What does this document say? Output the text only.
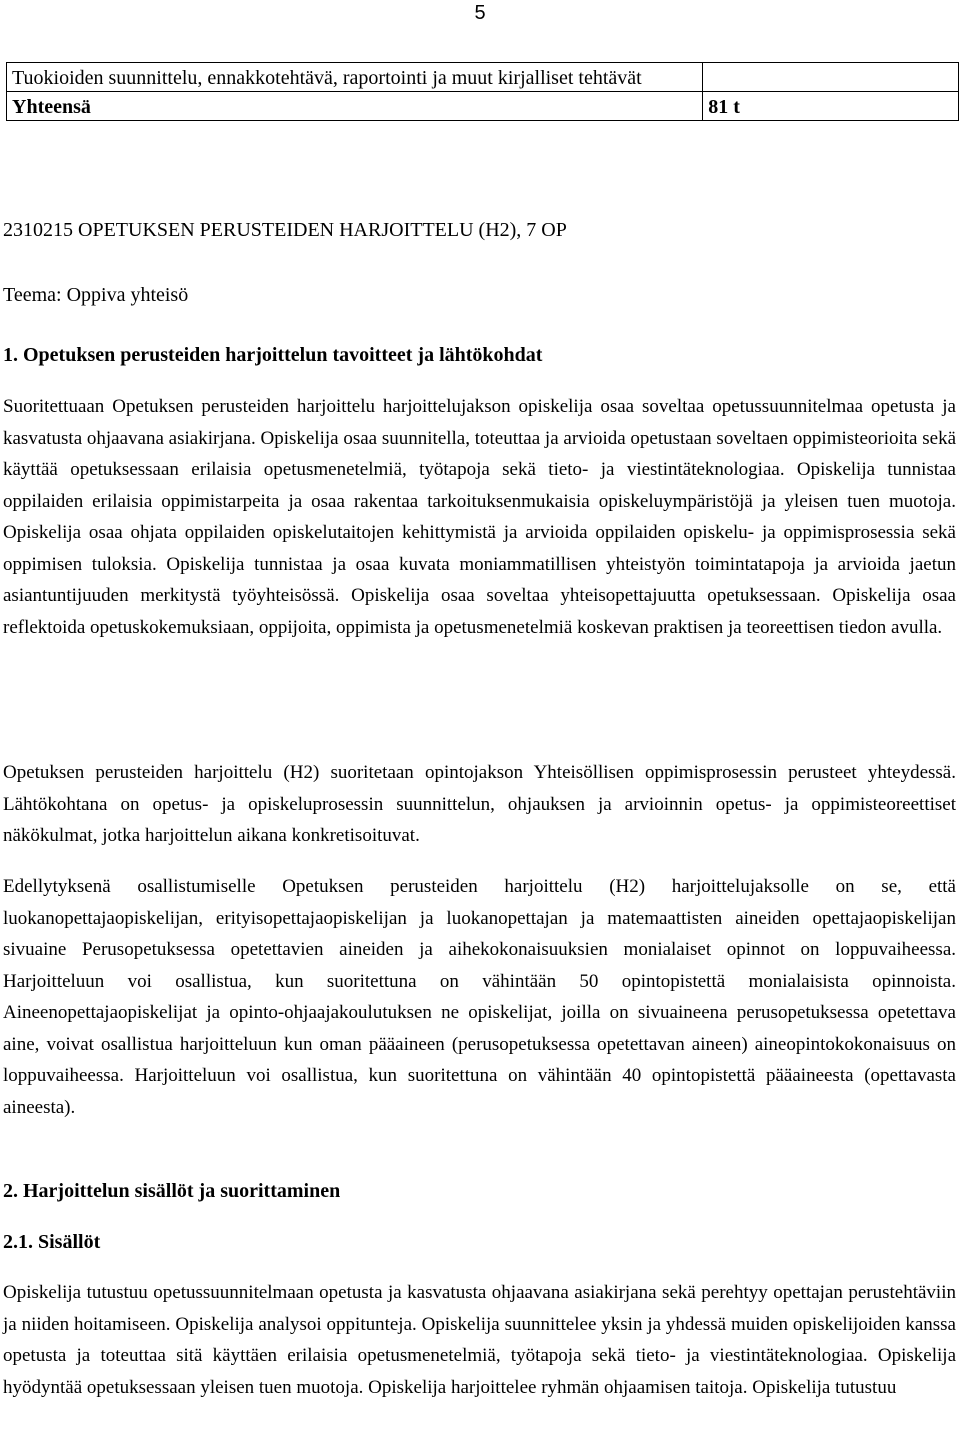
5
Tuokioiden suunnittelu, ennakkotehtävä, raportointi ja muut kirjalliset tehtävät	
Yhteensä	81 t
2310215 OPETUKSEN PERUSTEIDEN HARJOITTELU (H2), 7 OP
Teema: Oppiva yhteisö
1. Opetuksen perusteiden harjoittelun tavoitteet ja lähtökohdat

Suoritettuaan Opetuksen perusteiden harjoittelu harjoittelujakson opiskelija osaa soveltaa opetussuunnitelmaa opetusta ja kasvatusta ohjaavana asiakirjana. Opiskelija osaa suunnitella, toteuttaa ja arvioida opetustaan soveltaen oppimisteorioita sekä käyttää opetuksessaan erilaisia opetusmenetelmiä, työtapoja sekä tieto- ja viestintäteknologiaa. Opiskelija tunnistaa oppilaiden erilaisia oppimistarpeita ja osaa rakentaa tarkoituksenmukaisia opiskeluympäristöjä ja yleisen tuen muotoja. Opiskelija osaa ohjata oppilaiden opiskelutaitojen kehittymistä ja arvioida oppilaiden opiskelu- ja oppimisprosessia sekä oppimisen tuloksia. Opiskelija tunnistaa ja osaa kuvata moniammatillisen yhteistyön toimintatapoja ja arvioida jaetun asiantuntijuuden merkitystä työyhteisössä. Opiskelija osaa soveltaa yhteisopettajuutta opetuksessaan. Opiskelija osaa reflektoida opetuskokemuksiaan, oppijoita, oppimista ja opetusmenetelmiä koskevan praktisen ja teoreettisen tiedon avulla.

Opetuksen perusteiden harjoittelu (H2) suoritetaan opintojakson Yhteisöllisen oppimisprosessin perusteet yhteydessä. Lähtökohtana on opetus- ja opiskeluprosessin suunnittelun, ohjauksen ja arvioinnin opetus- ja oppimisteoreettiset näkökulmat, jotka harjoittelun aikana konkretisoituvat.

Edellytyksenä osallistumiselle Opetuksen perusteiden harjoittelu (H2) harjoittelujaksolle on se, että luokanopettajaopiskelijan, erityisopettajaopiskelijan ja luokanopettajan ja matemaattisten aineiden opettajaopiskelijan sivuaine Perusopetuksessa opetettavien aineiden ja aihekokonaisuuksien monialaiset opinnot on loppuvaiheessa. Harjoitteluun voi osallistua, kun suoritettuna on vähintään 50 opintopistettä monialaisista opinnoista. Aineenopettajaopiskelijat ja opinto-ohjaajakoulutuksen ne opiskelijat, joilla on sivuaineena perusopetuksessa opetettava aine, voivat osallistua harjoitteluun kun oman pääaineen (perusopetuksessa opetettavan aineen) aineopintokokonaisuus on loppuvaiheessa. Harjoitteluun voi osallistua, kun suoritettuna on vähintään 40 opintopistettä pääaineesta (opettavasta aineesta).

2. Harjoittelun sisällöt ja suorittaminen
2.1. Sisällöt

Opiskelija tutustuu opetussuunnitelmaan opetusta ja kasvatusta ohjaavana asiakirjana sekä perehtyy opettajan perustehtäviin ja niiden hoitamiseen. Opiskelija analysoi oppitunteja. Opiskelija suunnittelee yksin ja yhdessä muiden opiskelijoiden kanssa opetusta ja toteuttaa sitä käyttäen erilaisia opetusmenetelmiä, työtapoja sekä tieto- ja viestintäteknologiaa. Opiskelija hyödyntää opetuksessaan yleisen tuen muotoja. Opiskelija harjoittelee ryhmän ohjaamisen taitoja. Opiskelija tutustuu
